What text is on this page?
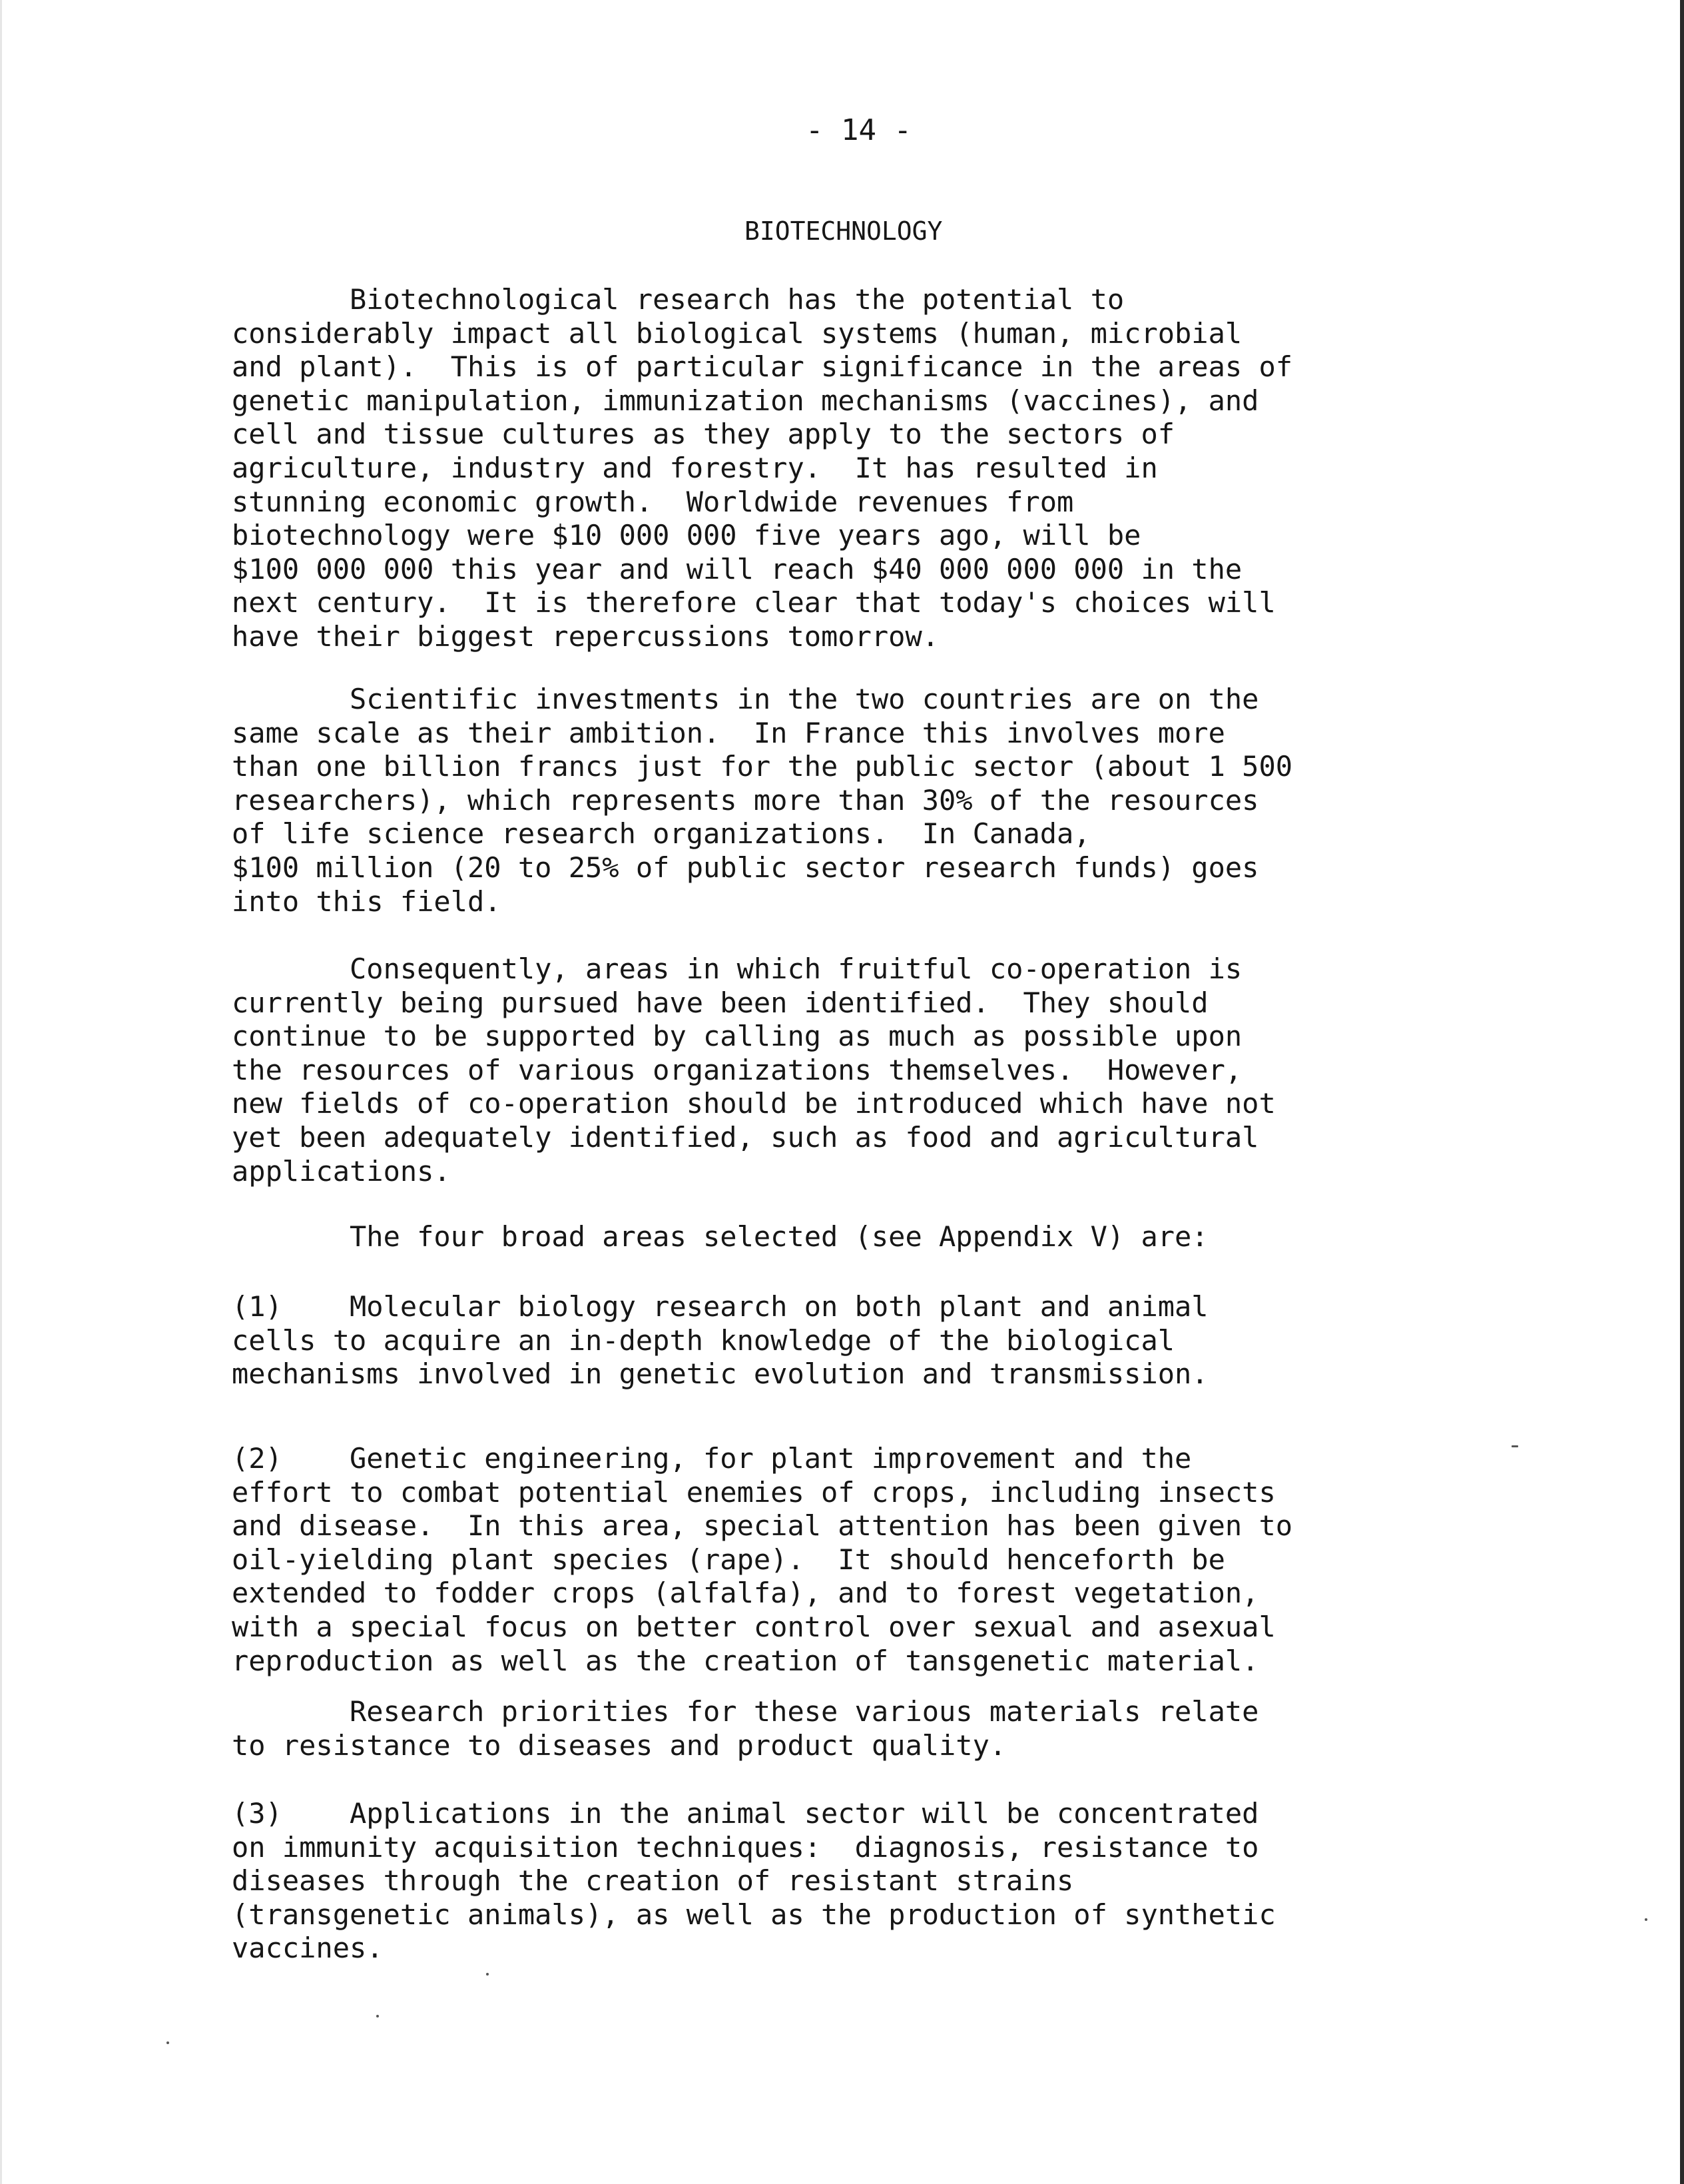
- 14 -
BIOTECHNOLOGY
Biotechnological research has the potential to
considerably impact all biological systems (human, microbial
and plant).  This is of particular significance in the areas of
genetic manipulation, immunization mechanisms (vaccines), and
cell and tissue cultures as they apply to the sectors of
agriculture, industry and forestry.  It has resulted in
stunning economic growth.  Worldwide revenues from
biotechnology were $10 000 000 five years ago, will be
$100 000 000 this year and will reach $40 000 000 000 in the
next century.  It is therefore clear that today's choices will
have their biggest repercussions tomorrow.
Scientific investments in the two countries are on the
same scale as their ambition.  In France this involves more
than one billion francs just for the public sector (about 1 500
researchers), which represents more than 30% of the resources
of life science research organizations.  In Canada,
$100 million (20 to 25% of public sector research funds) goes
into this field.
Consequently, areas in which fruitful co-operation is
currently being pursued have been identified.  They should
continue to be supported by calling as much as possible upon
the resources of various organizations themselves.  However,
new fields of co-operation should be introduced which have not
yet been adequately identified, such as food and agricultural
applications.
The four broad areas selected (see Appendix V) are:
(1)    Molecular biology research on both plant and animal
cells to acquire an in-depth knowledge of the biological
mechanisms involved in genetic evolution and transmission.
(2)    Genetic engineering, for plant improvement and the
effort to combat potential enemies of crops, including insects
and disease.  In this area, special attention has been given to
oil-yielding plant species (rape).  It should henceforth be
extended to fodder crops (alfalfa), and to forest vegetation,
with a special focus on better control over sexual and asexual
reproduction as well as the creation of tansgenetic material.
Research priorities for these various materials relate
to resistance to diseases and product quality.
(3)    Applications in the animal sector will be concentrated
on immunity acquisition techniques:  diagnosis, resistance to
diseases through the creation of resistant strains
(transgenetic animals), as well as the production of synthetic
vaccines.
